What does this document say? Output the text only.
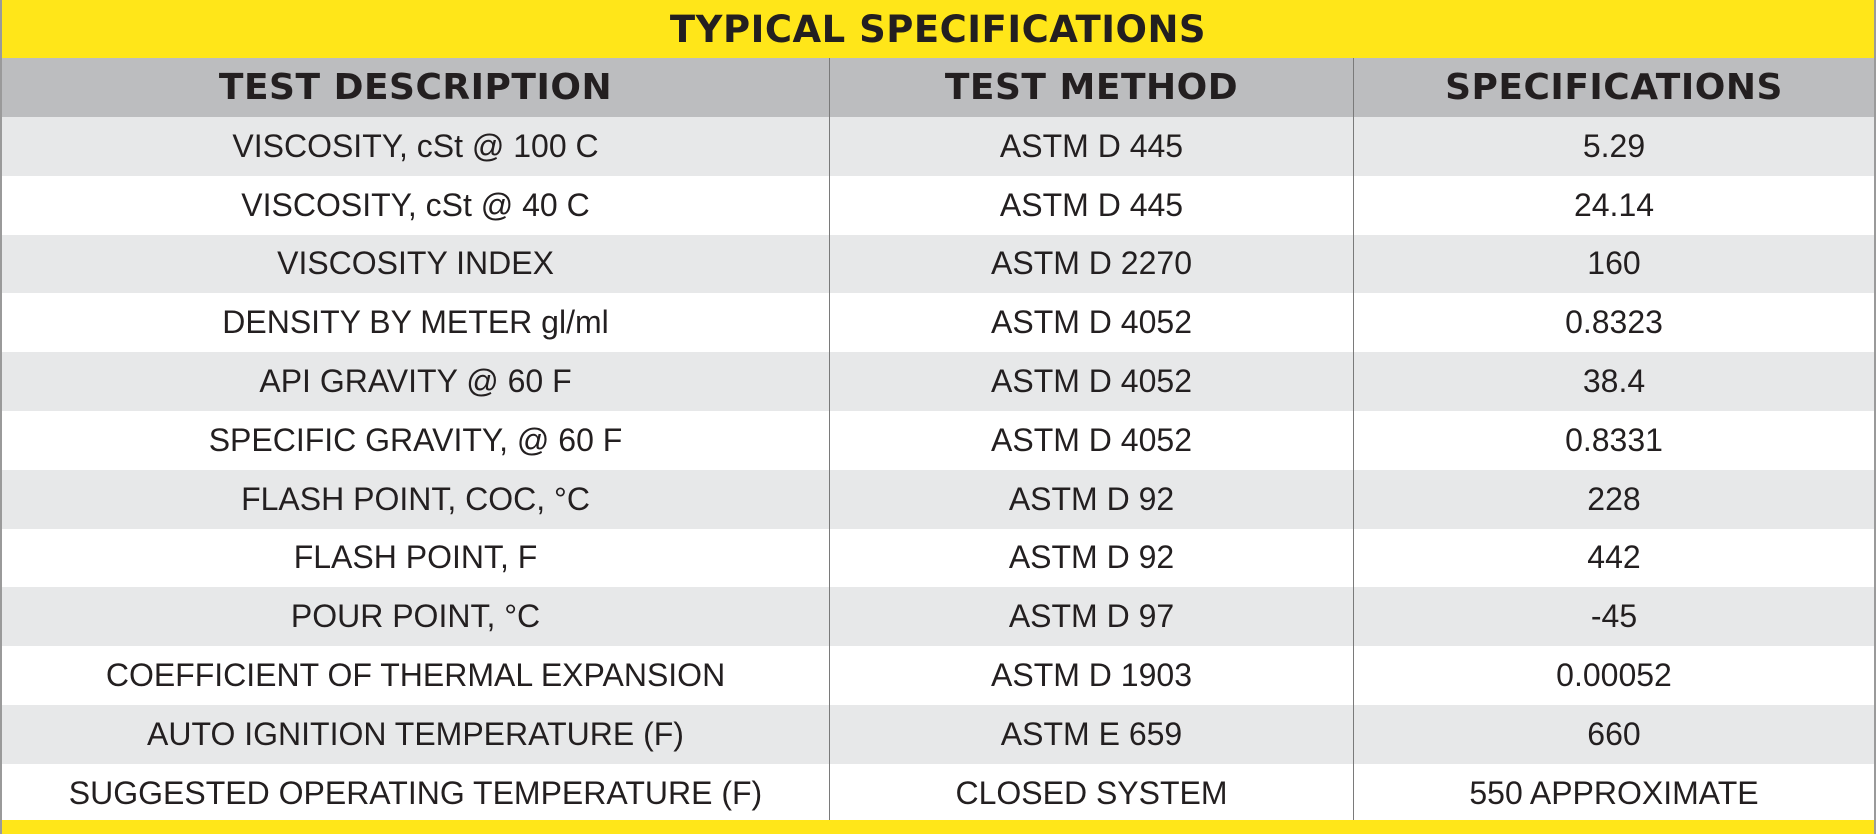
TYPICAL SPECIFICATIONS
TEST DESCRIPTION	TEST METHOD	SPECIFICATIONS
VISCOSITY, cSt @ 100 C	ASTM D 445	5.29
VISCOSITY, cSt @ 40 C	ASTM D 445	24.14
VISCOSITY INDEX	ASTM D 2270	160
DENSITY BY METER gl/ml	ASTM D 4052	0.8323
API GRAVITY @ 60 F	ASTM D 4052	38.4
SPECIFIC GRAVITY, @ 60 F	ASTM D 4052	0.8331
FLASH POINT, COC, °C	ASTM D 92	228
FLASH POINT, F	ASTM D 92	442
POUR POINT, °C	ASTM D 97	-45
COEFFICIENT OF THERMAL EXPANSION	ASTM D 1903	0.00052
AUTO IGNITION TEMPERATURE (F)	ASTM E 659	660
SUGGESTED OPERATING TEMPERATURE (F)	CLOSED SYSTEM	550 APPROXIMATE
